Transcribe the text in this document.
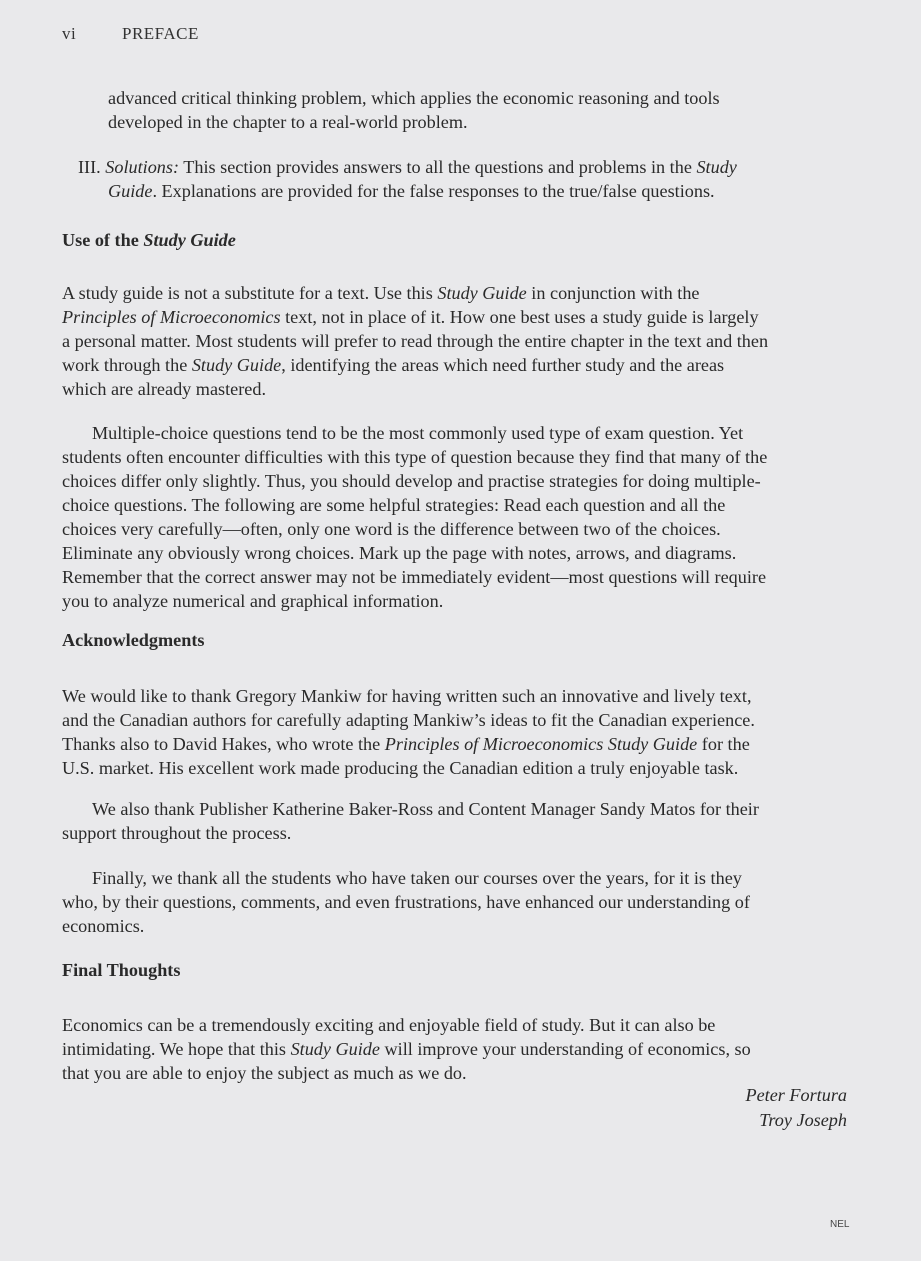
vi	PREFACE
advanced critical thinking problem, which applies the economic reasoning and tools
developed in the chapter to a real-world problem.
III. Solutions: This section provides answers to all the questions and problems in the Study
Guide. Explanations are provided for the false responses to the true/false questions.
Use of the Study Guide
A study guide is not a substitute for a text. Use this Study Guide in conjunction with the
Principles of Microeconomics text, not in place of it. How one best uses a study guide is largely
a personal matter. Most students will prefer to read through the entire chapter in the text and then
work through the Study Guide, identifying the areas which need further study and the areas
which are already mastered.
Multiple-choice questions tend to be the most commonly used type of exam question. Yet
students often encounter difficulties with this type of question because they find that many of the
choices differ only slightly. Thus, you should develop and practise strategies for doing multiple-
choice questions. The following are some helpful strategies: Read each question and all the
choices very carefully—often, only one word is the difference between two of the choices.
Eliminate any obviously wrong choices. Mark up the page with notes, arrows, and diagrams.
Remember that the correct answer may not be immediately evident—most questions will require
you to analyze numerical and graphical information.
Acknowledgments
We would like to thank Gregory Mankiw for having written such an innovative and lively text,
and the Canadian authors for carefully adapting Mankiw’s ideas to fit the Canadian experience.
Thanks also to David Hakes, who wrote the Principles of Microeconomics Study Guide for the
U.S. market. His excellent work made producing the Canadian edition a truly enjoyable task.
We also thank Publisher Katherine Baker-Ross and Content Manager Sandy Matos for their
support throughout the process.
Finally, we thank all the students who have taken our courses over the years, for it is they
who, by their questions, comments, and even frustrations, have enhanced our understanding of
economics.
Final Thoughts
Economics can be a tremendously exciting and enjoyable field of study. But it can also be
intimidating. We hope that this Study Guide will improve your understanding of economics, so
that you are able to enjoy the subject as much as we do.
Peter Fortura
Troy Joseph
NEL
